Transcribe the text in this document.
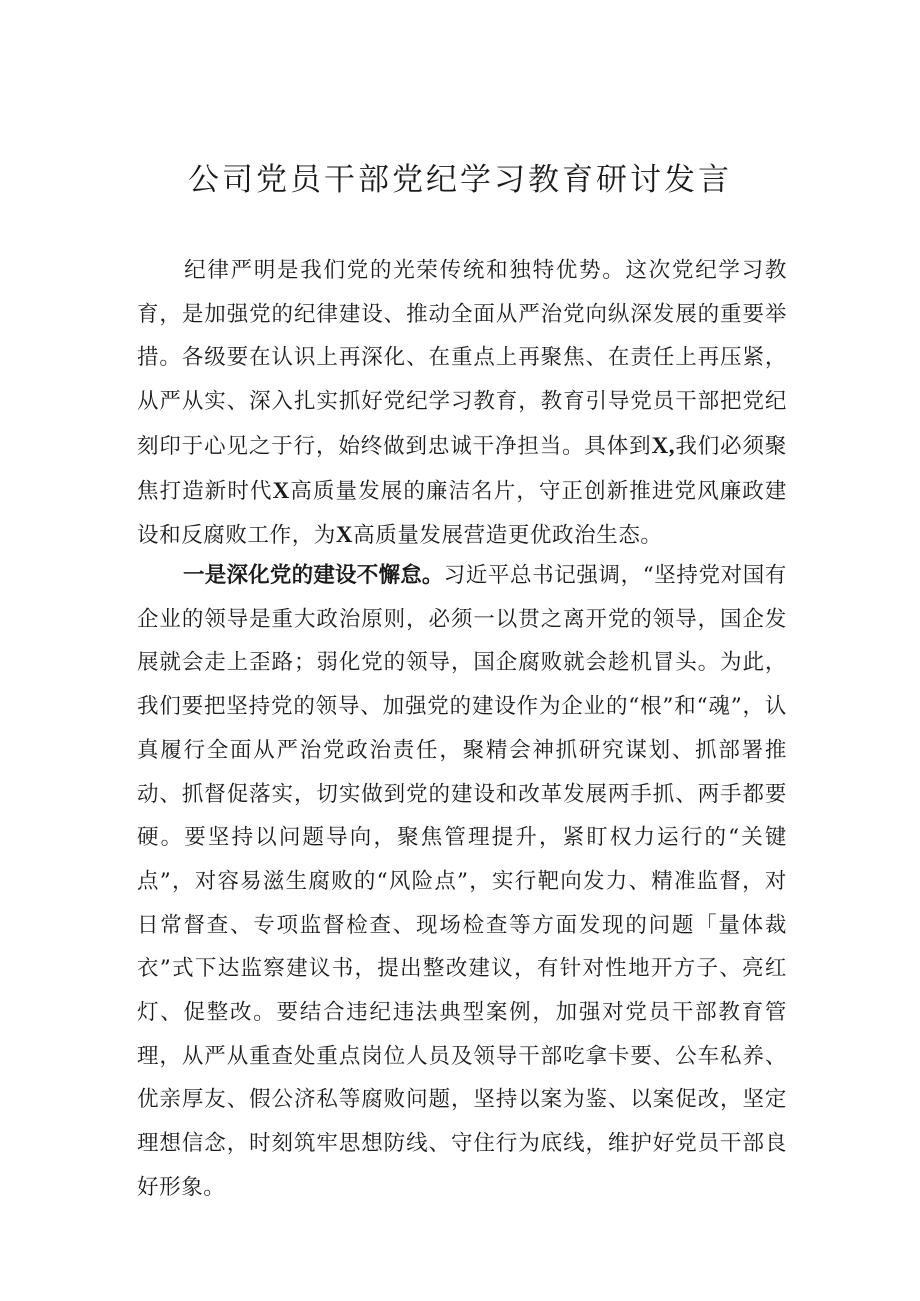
公司党员干部党纪学习教育研讨发言

纪律严明是我们党的光荣传统和独特优势。这次党纪学习教育，是加强党的纪律建设、推动全面从严治党向纵深发展的重要举措。各级要在认识上再深化、在重点上再聚焦、在责任上再压紧，从严从实、深入扎实抓好党纪学习教育，教育引导党员干部把党纪刻印于心见之于行，始终做到忠诚干净担当。具体到X,我们必须聚焦打造新时代X高质量发展的廉洁名片，守正创新推进党风廉政建设和反腐败工作，为X高质量发展营造更优政治生态。

一是深化党的建设不懈怠。习近平总书记强调，“坚持党对国有企业的领导是重大政治原则，必须一以贯之离开党的领导，国企发展就会走上歪路；弱化党的领导，国企腐败就会趁机冒头。为此，我们要把坚持党的领导、加强党的建设作为企业的“根”和“魂”，认真履行全面从严治党政治责任，聚精会神抓研究谋划、抓部署推动、抓督促落实，切实做到党的建设和改革发展两手抓、两手都要硬。要坚持以问题导向，聚焦管理提升，紧盯权力运行的“关键点”，对容易滋生腐败的“风险点”，实行靶向发力、精准监督，对日常督查、专项监督检查、现场检查等方面发现的问题「量体裁衣”式下达监察建议书，提出整改建议，有针对性地开方子、亮红灯、促整改。要结合违纪违法典型案例，加强对党员干部教育管理，从严从重查处重点岗位人员及领导干部吃拿卡要、公车私养、优亲厚友、假公济私等腐败问题，坚持以案为鉴、以案促改，坚定理想信念，时刻筑牢思想防线、守住行为底线，维护好党员干部良好形象。
